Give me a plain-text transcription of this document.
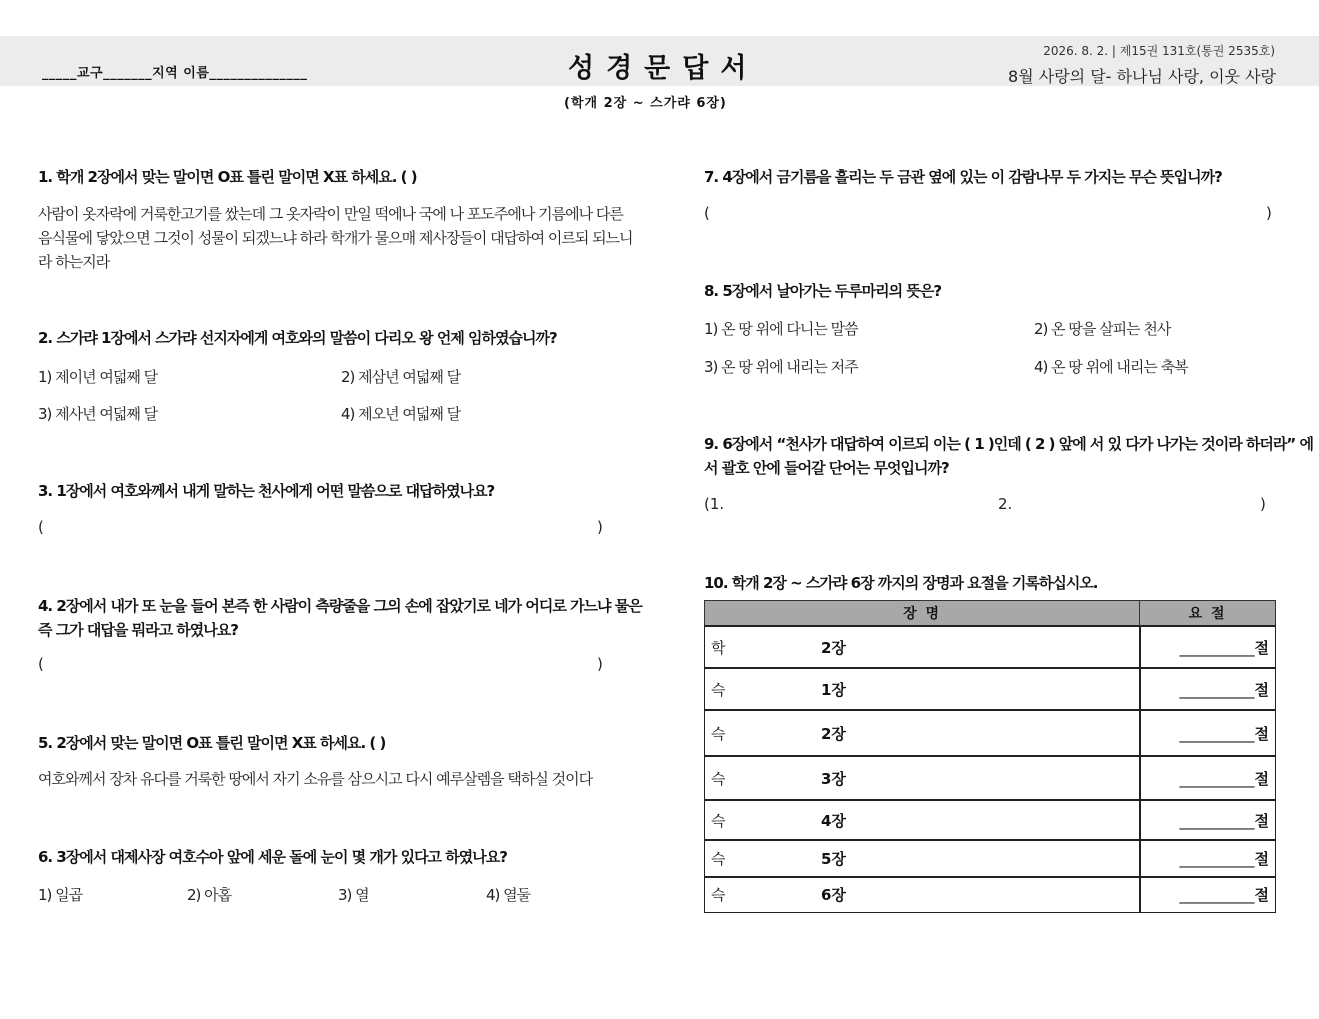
_____교구_______지역 이름______________	성경문답서
(학개 2장 ~ 스가랴 6장)
2026. 8. 2. | 제15권 131호(통권 2535호)
8월 사랑의 달- 하나님 사랑, 이웃 사랑
1. 학개 2장에서 맞는 말이면 O표 틀린 말이면 X표 하세요. ( )
사람이 옷자락에 거룩한고기를 쌌는데 그 옷자락이 만일 떡에나 국에 나 포도주에나 기름에나 다른
음식물에 닿았으면 그것이 성물이 되겠느냐 하라 학개가 물으매 제사장들이 대답하여 이르되 되느니
라 하는지라
2. 스가랴 1장에서 스가랴 선지자에게 여호와의 말씀이 다리오 왕 언제 임하였습니까?
1) 제이년 여덟째 달	2) 제삼년 여덟째 달
3) 제사년 여덟째 달	4) 제오년 여덟째 달
3. 1장에서 여호와께서 내게 말하는 천사에게 어떤 말씀으로 대답하였나요?
(	)
4. 2장에서 내가 또 눈을 들어 본즉 한 사람이 측량줄을 그의 손에 잡았기로 네가 어디로 가느냐 물은
즉 그가 대답을 뭐라고 하였나요?
(	)
5. 2장에서 맞는 말이면 O표 틀린 말이면 X표 하세요. ( )
여호와께서 장차 유다를 거룩한 땅에서 자기 소유를 삼으시고 다시 예루살렘을 택하실 것이다
6. 3장에서 대제사장 여호수아 앞에 세운 돌에 눈이 몇 개가 있다고 하였나요?
1) 일곱	2) 아홉	3) 열	4) 열둘
7. 4장에서 금기름을 흘리는 두 금관 옆에 있는 이 감람나무 두 가지는 무슨 뜻입니까?
(	)
8. 5장에서 날아가는 두루마리의 뜻은?
1) 온 땅 위에 다니는 말씀	2) 온 땅을 살피는 천사
3) 온 땅 위에 내리는 저주	4) 온 땅 위에 내리는 축복
9. 6장에서 “천사가 대답하여 이르되 이는 ( 1 )인데 ( 2 ) 앞에 서 있 다가 나가는 것이라 하더라” 에
서 괄호 안에 들어갈 단어는 무엇입니까?
(1.	2.	)
10. 학개 2장 ~ 스가랴 6장 까지의 장명과 요절을 기록하십시오.
장 명	요 절
학 2장	__________절
슥 1장	__________절
슥 2장	__________절
슥 3장	__________절
슥 4장	__________절
슥 5장	__________절
슥 6장	__________절
